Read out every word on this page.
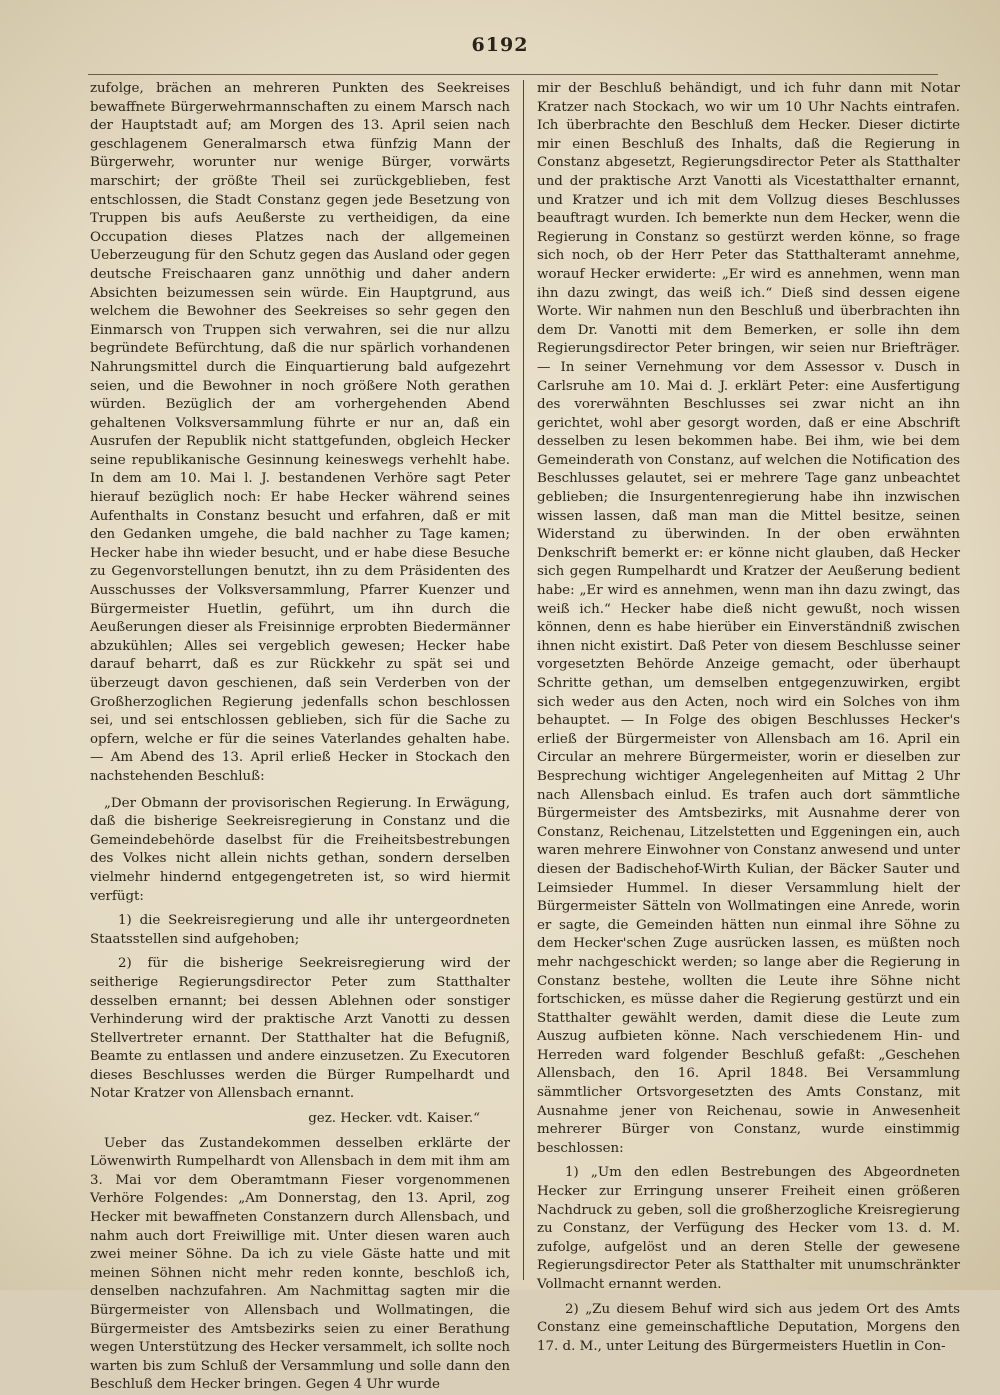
6192

zufolge, brächen an mehreren Punkten des Seekreises bewaffnete Bürgerwehrmannschaften zu einem Marsch nach der Hauptstadt auf; am Morgen des 13. April seien nach geschlagenem Generalmarsch etwa fünfzig Mann der Bürgerwehr, worunter nur wenige Bürger, vorwärts marschirt; der größte Theil sei zurückgeblieben, fest entschlossen, die Stadt Constanz gegen jede Besetzung von Truppen bis aufs Aeußerste zu vertheidigen, da eine Occupation dieses Platzes nach der allgemeinen Ueberzeugung für den Schutz gegen das Ausland oder gegen deutsche Freischaaren ganz unnöthig und daher andern Absichten beizumessen sein würde. Ein Hauptgrund, aus welchem die Bewohner des Seekreises so sehr gegen den Einmarsch von Truppen sich verwahren, sei die nur allzu begründete Befürchtung, daß die nur spärlich vorhandenen Nahrungsmittel durch die Einquartierung bald aufgezehrt seien, und die Bewohner in noch größere Noth gerathen würden. Bezüglich der am vorhergehenden Abend gehaltenen Volksversammlung führte er nur an, daß ein Ausrufen der Republik nicht stattgefunden, obgleich Hecker seine republikanische Gesinnung keineswegs verhehlt habe. In dem am 10. Mai l. J. bestandenen Verhöre sagt Peter hierauf bezüglich noch: Er habe Hecker während seines Aufenthalts in Constanz besucht und erfahren, daß er mit den Gedanken umgehe, die bald nachher zu Tage kamen; Hecker habe ihn wieder besucht, und er habe diese Besuche zu Gegenvorstellungen benutzt, ihn zu dem Präsidenten des Ausschusses der Volksversammlung, Pfarrer Kuenzer und Bürgermeister Huetlin, geführt, um ihn durch die Aeußerungen dieser als Freisinnige erprobten Biedermänner abzukühlen; Alles sei vergeblich gewesen; Hecker habe darauf beharrt, daß es zur Rückkehr zu spät sei und überzeugt davon geschienen, daß sein Verderben von der Großherzoglichen Regierung jedenfalls schon beschlossen sei, und sei entschlossen geblieben, sich für die Sache zu opfern, welche er für die seines Vaterlandes gehalten habe. — Am Abend des 13. April erließ Hecker in Stockach den nachstehenden Beschluß:

„Der Obmann der provisorischen Regierung. In Erwägung, daß die bisherige Seekreisregierung in Constanz und die Gemeindebehörde daselbst für die Freiheitsbestrebungen des Volkes nicht allein nichts gethan, sondern derselben vielmehr hindernd entgegengetreten ist, so wird hiermit verfügt:

1) die Seekreisregierung und alle ihr untergeordneten Staatsstellen sind aufgehoben;

2) für die bisherige Seekreisregierung wird der seitherige Regierungsdirector Peter zum Statthalter desselben ernannt; bei dessen Ablehnen oder sonstiger Verhinderung wird der praktische Arzt Vanotti zu dessen Stellvertreter ernannt. Der Statthalter hat die Befugniß, Beamte zu entlassen und andere einzusetzen. Zu Executoren dieses Beschlusses werden die Bürger Rumpelhardt und Notar Kratzer von Allensbach ernannt.

gez. Hecker. vdt. Kaiser.“

Ueber das Zustandekommen desselben erklärte der Löwenwirth Rumpelhardt von Allensbach in dem mit ihm am 3. Mai vor dem Oberamtmann Fieser vorgenommenen Verhöre Folgendes: „Am Donnerstag, den 13. April, zog Hecker mit bewaffneten Constanzern durch Allensbach, und nahm auch dort Freiwillige mit. Unter diesen waren auch zwei meiner Söhne. Da ich zu viele Gäste hatte und mit meinen Söhnen nicht mehr reden konnte, beschloß ich, denselben nachzufahren. Am Nachmittag sagten mir die Bürgermeister von Allensbach und Wollmatingen, die Bürgermeister des Amtsbezirks seien zu einer Berathung wegen Unterstützung des Hecker versammelt, ich sollte noch warten bis zum Schluß der Versammlung und solle dann den Beschluß dem Hecker bringen. Gegen 4 Uhr wurde

mir der Beschluß behändigt, und ich fuhr dann mit Notar Kratzer nach Stockach, wo wir um 10 Uhr Nachts eintrafen. Ich überbrachte den Beschluß dem Hecker. Dieser dictirte mir einen Beschluß des Inhalts, daß die Regierung in Constanz abgesetzt, Regierungsdirector Peter als Statthalter und der praktische Arzt Vanotti als Vicestatthalter ernannt, und Kratzer und ich mit dem Vollzug dieses Beschlusses beauftragt wurden. Ich bemerkte nun dem Hecker, wenn die Regierung in Constanz so gestürzt werden könne, so frage sich noch, ob der Herr Peter das Statthalteramt annehme, worauf Hecker erwiderte: „Er wird es annehmen, wenn man ihn dazu zwingt, das weiß ich.“ Dieß sind dessen eigene Worte. Wir nahmen nun den Beschluß und überbrachten ihn dem Dr. Vanotti mit dem Bemerken, er solle ihn dem Regierungsdirector Peter bringen, wir seien nur Briefträger. — In seiner Vernehmung vor dem Assessor v. Dusch in Carlsruhe am 10. Mai d. J. erklärt Peter: eine Ausfertigung des vorerwähnten Beschlusses sei zwar nicht an ihn gerichtet, wohl aber gesorgt worden, daß er eine Abschrift desselben zu lesen bekommen habe. Bei ihm, wie bei dem Gemeinderath von Constanz, auf welchen die Notification des Beschlusses gelautet, sei er mehrere Tage ganz unbeachtet geblieben; die Insurgentenregierung habe ihn inzwischen wissen lassen, daß man man die Mittel besitze, seinen Widerstand zu überwinden. In der oben erwähnten Denkschrift bemerkt er: er könne nicht glauben, daß Hecker sich gegen Rumpelhardt und Kratzer der Aeußerung bedient habe: „Er wird es annehmen, wenn man ihn dazu zwingt, das weiß ich.“ Hecker habe dieß nicht gewußt, noch wissen können, denn es habe hierüber ein Einverständniß zwischen ihnen nicht existirt. Daß Peter von diesem Beschlusse seiner vorgesetzten Behörde Anzeige gemacht, oder überhaupt Schritte gethan, um demselben entgegenzuwirken, ergibt sich weder aus den Acten, noch wird ein Solches von ihm behauptet. — In Folge des obigen Beschlusses Hecker's erließ der Bürgermeister von Allensbach am 16. April ein Circular an mehrere Bürgermeister, worin er dieselben zur Besprechung wichtiger Angelegenheiten auf Mittag 2 Uhr nach Allensbach einlud. Es trafen auch dort sämmtliche Bürgermeister des Amtsbezirks, mit Ausnahme derer von Constanz, Reichenau, Litzelstetten und Eggeningen ein, auch waren mehrere Einwohner von Constanz anwesend und unter diesen der Badischehof-Wirth Kulian, der Bäcker Sauter und Leimsieder Hummel. In dieser Versammlung hielt der Bürgermeister Sätteln von Wollmatingen eine Anrede, worin er sagte, die Gemeinden hätten nun einmal ihre Söhne zu dem Hecker'schen Zuge ausrücken lassen, es müßten noch mehr nachgeschickt werden; so lange aber die Regierung in Constanz bestehe, wollten die Leute ihre Söhne nicht fortschicken, es müsse daher die Regierung gestürzt und ein Statthalter gewählt werden, damit diese die Leute zum Auszug aufbieten könne. Nach verschiedenem Hin- und Herreden ward folgender Beschluß gefaßt: „Geschehen Allensbach, den 16. April 1848. Bei Versammlung sämmtlicher Ortsvorgesetzten des Amts Constanz, mit Ausnahme jener von Reichenau, sowie in Anwesenheit mehrerer Bürger von Constanz, wurde einstimmig beschlossen:

1) „Um den edlen Bestrebungen des Abgeordneten Hecker zur Erringung unserer Freiheit einen größeren Nachdruck zu geben, soll die großherzogliche Kreisregierung zu Constanz, der Verfügung des Hecker vom 13. d. M. zufolge, aufgelöst und an deren Stelle der gewesene Regierungsdirector Peter als Statthalter mit unumschränkter Vollmacht ernannt werden.

2) „Zu diesem Behuf wird sich aus jedem Ort des Amts Constanz eine gemeinschaftliche Deputation, Morgens den 17. d. M., unter Leitung des Bürgermeisters Huetlin in Con-
